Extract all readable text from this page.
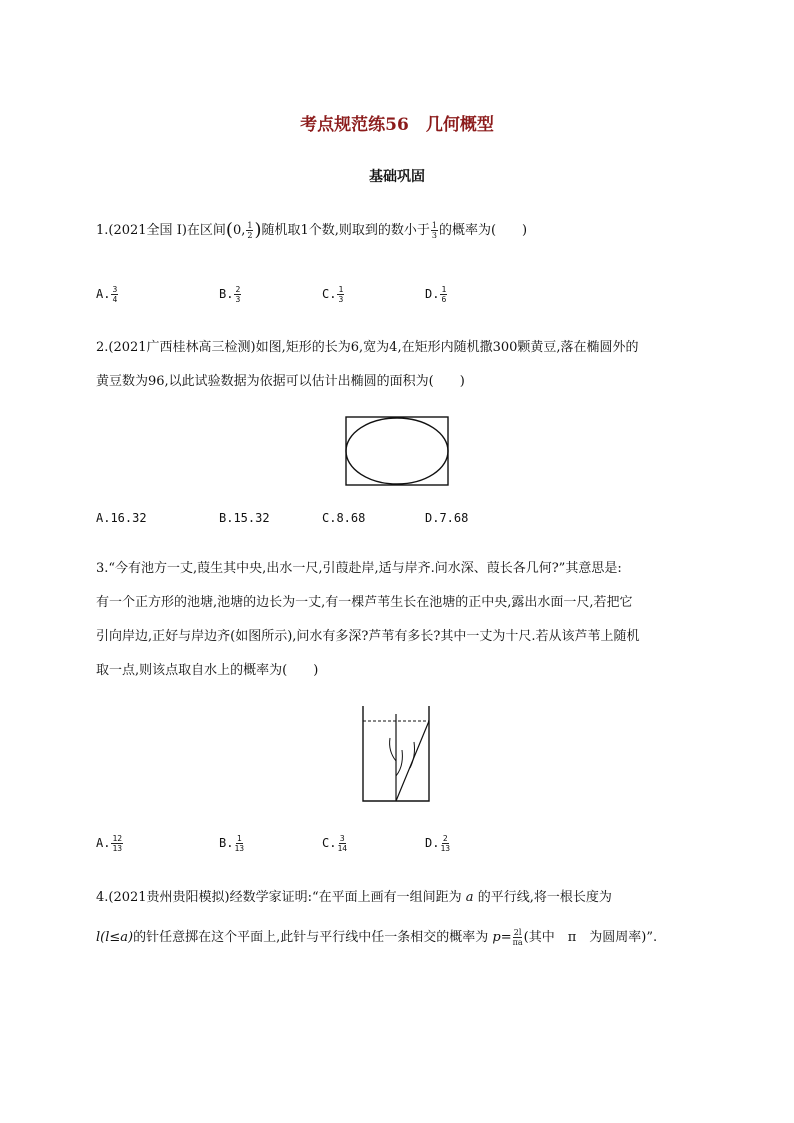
考点规范练56　几何概型
基础巩固
1.(2021全国 Ⅰ)在区间(0, $\frac{1}{2}$ )随机取1个数,则取到的数小于 $\frac{1}{3}$ 的概率为(　　)
A. $\frac{3}{4}$	B. $\frac{2}{3}$	C. $\frac{1}{3}$	D. $\frac{1}{6}$
2.(2021广西桂林高三检测)如图,矩形的长为6,宽为4,在矩形内随机撒300颗黄豆,落在椭圆外的
黄豆数为96,以此试验数据为依据可以估计出椭圆的面积为(　　)
A.16.32	B.15.32	C.8.68	D.7.68
3.“今有池方一丈,葭生其中央,出水一尺,引葭赴岸,适与岸齐.问水深、葭长各几何?”其意思是:
有一个正方形的池塘,池塘的边长为一丈,有一棵芦苇生长在池塘的正中央,露出水面一尺,若把它
引向岸边,正好与岸边齐(如图所示),问水有多深?芦苇有多长?其中一丈为十尺.若从该芦苇上随机
取一点,则该点取自水上的概率为(　　)
A. $\frac{12}{13}$	B. $\frac{1}{13}$	C. $\frac{3}{14}$	D. $\frac{2}{13}$
4.(2021贵州贵阳模拟)经数学家证明:“在平面上画有一组间距为 a 的平行线,将一根长度为
l(l≤a)的针任意掷在这个平面上,此针与平行线中任一条相交的概率为 $p= \frac{2l}{\pi a}$ (其中　π　为圆周率)”.
